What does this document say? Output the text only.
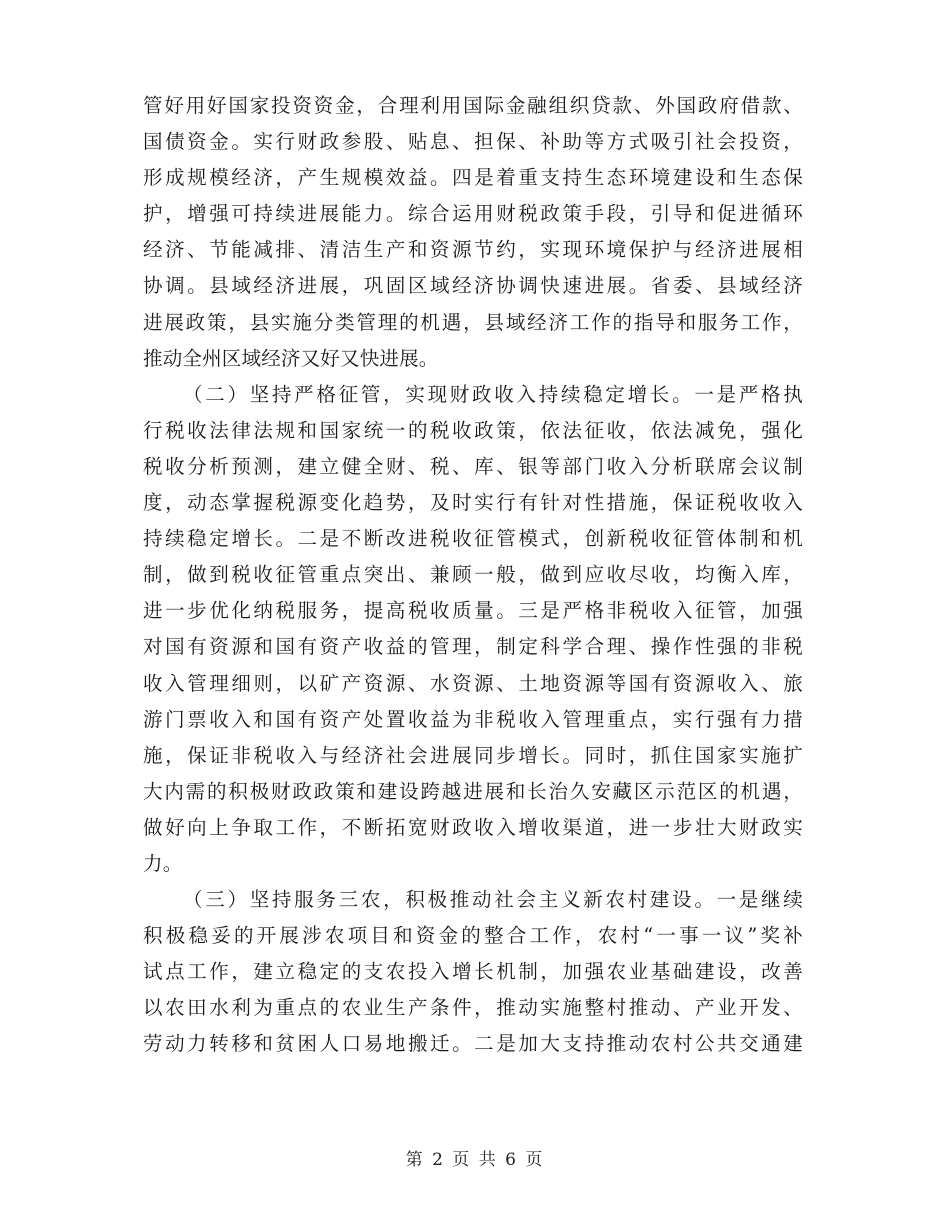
管好用好国家投资资金，合理利用国际金融组织贷款、外国政府借款、
国债资金。实行财政参股、贴息、担保、补助等方式吸引社会投资，
形成规模经济，产生规模效益。四是着重支持生态环境建设和生态保
护，增强可持续进展能力。综合运用财税政策手段，引导和促进循环
经济、节能减排、清洁生产和资源节约，实现环境保护与经济进展相
协调。县域经济进展，巩固区域经济协调快速进展。省委、县域经济
进展政策，县实施分类管理的机遇，县域经济工作的指导和服务工作，
推动全州区域经济又好又快进展。
（二）坚持严格征管，实现财政收入持续稳定增长。一是严格执
行税收法律法规和国家统一的税收政策，依法征收，依法减免，强化
税收分析预测，建立健全财、税、库、银等部门收入分析联席会议制
度，动态掌握税源变化趋势，及时实行有针对性措施，保证税收收入
持续稳定增长。二是不断改进税收征管模式，创新税收征管体制和机
制，做到税收征管重点突出、兼顾一般，做到应收尽收，均衡入库，
进一步优化纳税服务，提高税收质量。三是严格非税收入征管，加强
对国有资源和国有资产收益的管理，制定科学合理、操作性强的非税
收入管理细则，以矿产资源、水资源、土地资源等国有资源收入、旅
游门票收入和国有资产处置收益为非税收入管理重点，实行强有力措
施，保证非税收入与经济社会进展同步增长。同时，抓住国家实施扩
大内需的积极财政政策和建设跨越进展和长治久安藏区示范区的机遇，
做好向上争取工作，不断拓宽财政收入增收渠道，进一步壮大财政实
力。
（三）坚持服务三农，积极推动社会主义新农村建设。一是继续
积极稳妥的开展涉农项目和资金的整合工作，农村“一事一议”奖补
试点工作，建立稳定的支农投入增长机制，加强农业基础建设，改善
以农田水利为重点的农业生产条件，推动实施整村推动、产业开发、
劳动力转移和贫困人口易地搬迁。二是加大支持推动农村公共交通建
第 2 页 共 6 页
